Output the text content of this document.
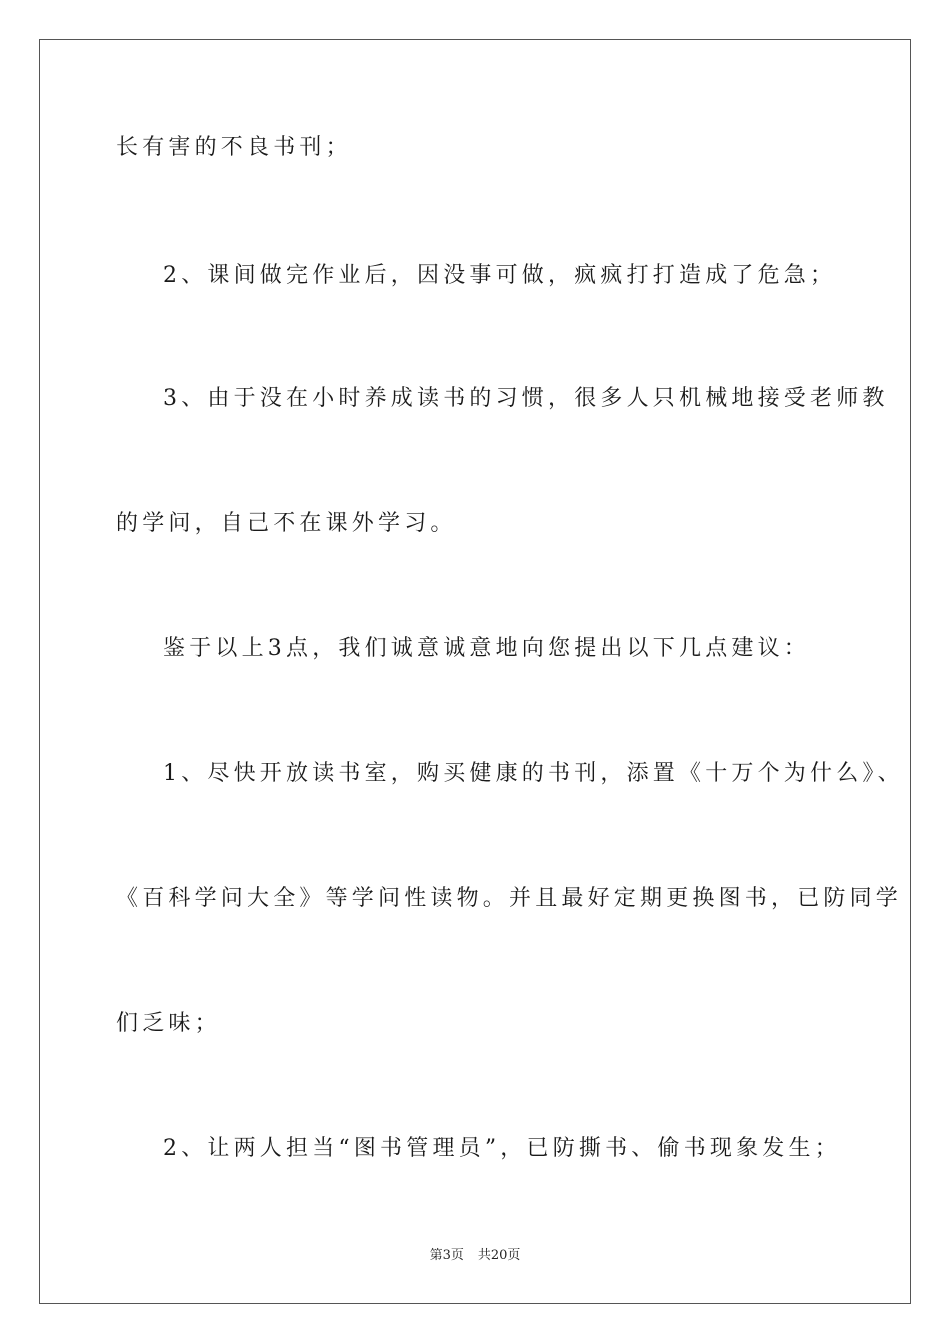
长有害的不良书刊；
2、课间做完作业后，因没事可做，疯疯打打造成了危急；
3、由于没在小时养成读书的习惯，很多人只机械地接受老师教
的学问，自己不在课外学习。
鉴于以上3点，我们诚意诚意地向您提出以下几点建议：
1、尽快开放读书室，购买健康的书刊，添置《十万个为什么》、
《百科学问大全》等学问性读物。并且最好定期更换图书，已防同学
们乏味；
2、让两人担当“图书管理员”，已防撕书、偷书现象发生；
第3页 共20页
